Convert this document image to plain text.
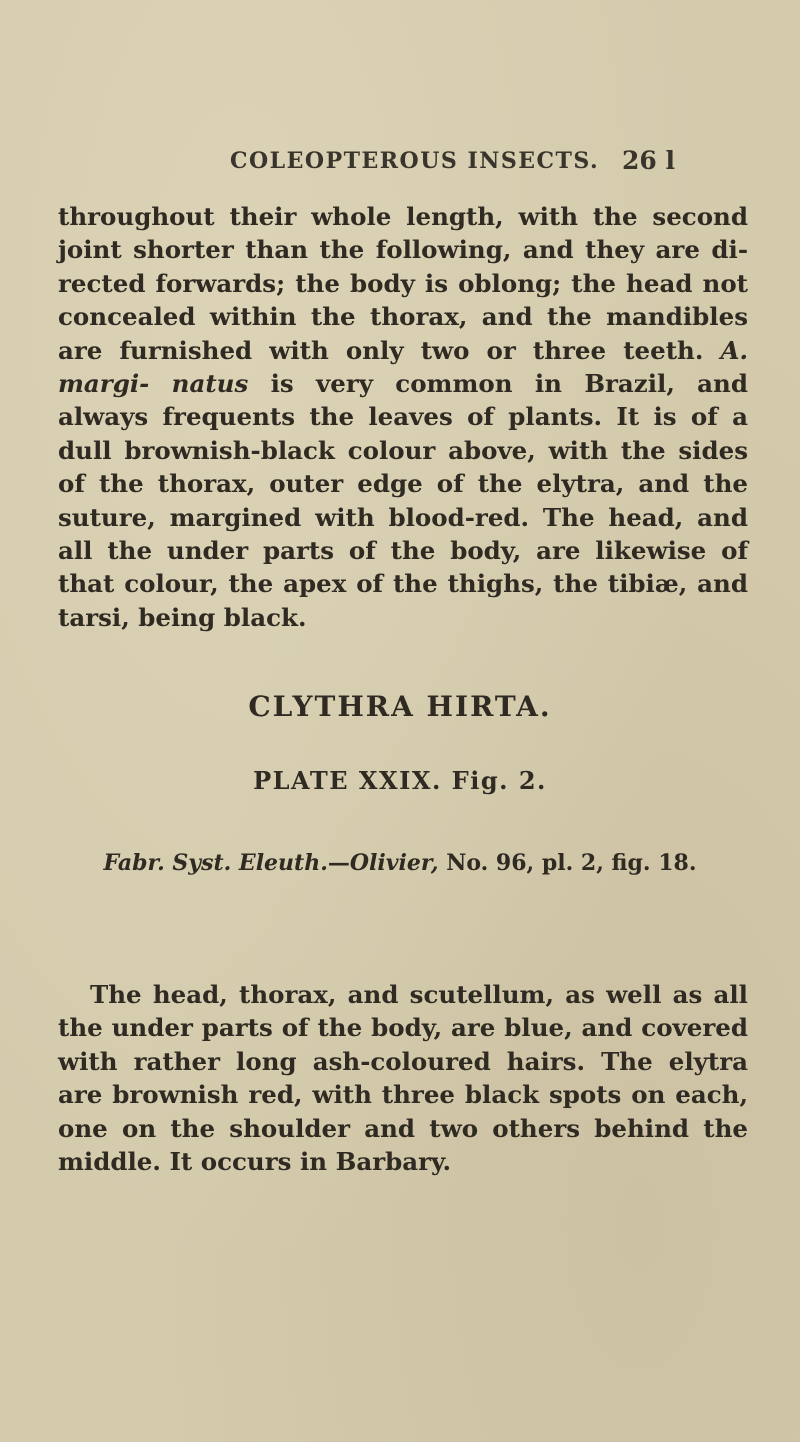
COLEOPTEROUS INSECTS. 26 l
throughout their whole length, with the second joint shorter than the following, and they are di- rected forwards; the body is oblong; the head not concealed within the thorax, and the mandibles are furnished with only two or three teeth. A. margi- natus is very common in Brazil, and always frequents the leaves of plants. It is of a dull brownish-black colour above, with the sides of the thorax, outer edge of the elytra, and the suture, margined with blood-red. The head, and all the under parts of the body, are likewise of that colour, the apex of the thighs, the tibiæ, and tarsi, being black.
CLYTHRA HIRTA.
PLATE XXIX. Fig. 2.
Fabr. Syst. Eleuth.—Olivier, No. 96, pl. 2, fig. 18.
The head, thorax, and scutellum, as well as all the under parts of the body, are blue, and covered with rather long ash-coloured hairs. The elytra are brownish red, with three black spots on each, one on the shoulder and two others behind the middle. It occurs in Barbary.
